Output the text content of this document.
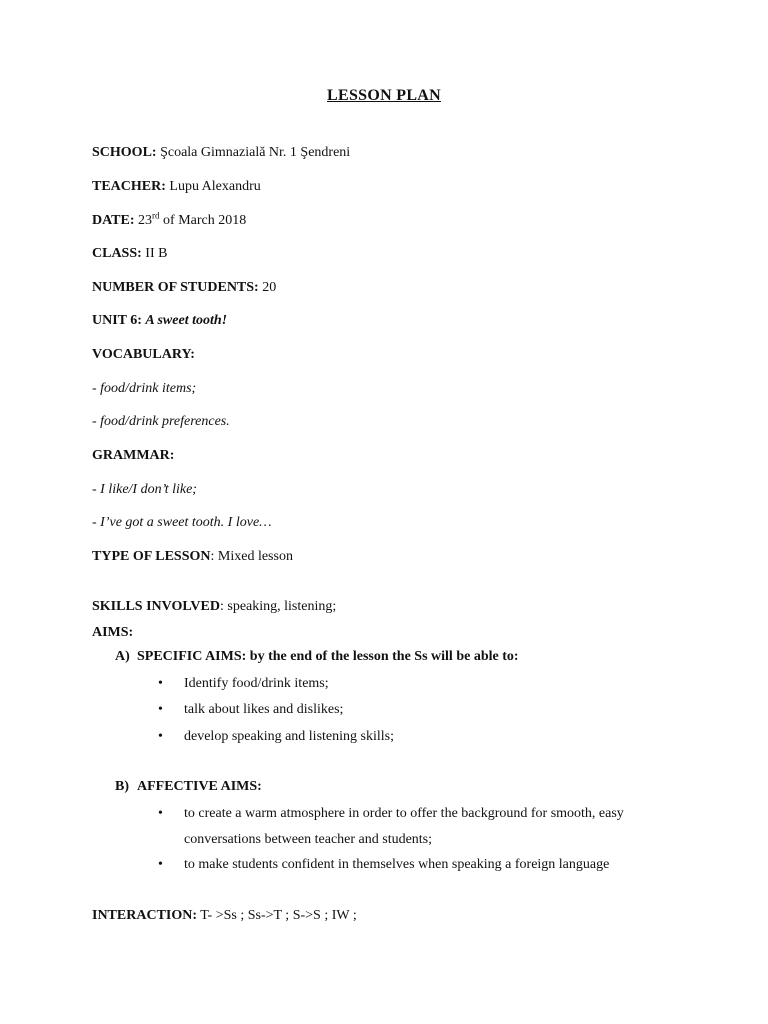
LESSON PLAN
SCHOOL: Şcoala Gimnazială Nr. 1 Şendreni
TEACHER: Lupu Alexandru
DATE: 23rd of March 2018
CLASS: II B
NUMBER OF STUDENTS: 20
UNIT 6: A sweet tooth!
VOCABULARY:
- food/drink items;
- food/drink preferences.
GRAMMAR:
- I like/I don’t like;
- I’ve got a sweet tooth. I love…
TYPE OF LESSON: Mixed lesson
SKILLS INVOLVED: speaking, listening;
AIMS:
A) SPECIFIC AIMS: by the end of the lesson the Ss will be able to:
• Identify food/drink items;
• talk about likes and dislikes;
• develop speaking and listening skills;
B) AFFECTIVE AIMS:
• to create a warm atmosphere in order to offer the background for smooth, easy
conversations between teacher and students;
• to make students confident in themselves when speaking a foreign language
INTERACTION: T- >Ss ; Ss->T ; S->S ; IW ;
